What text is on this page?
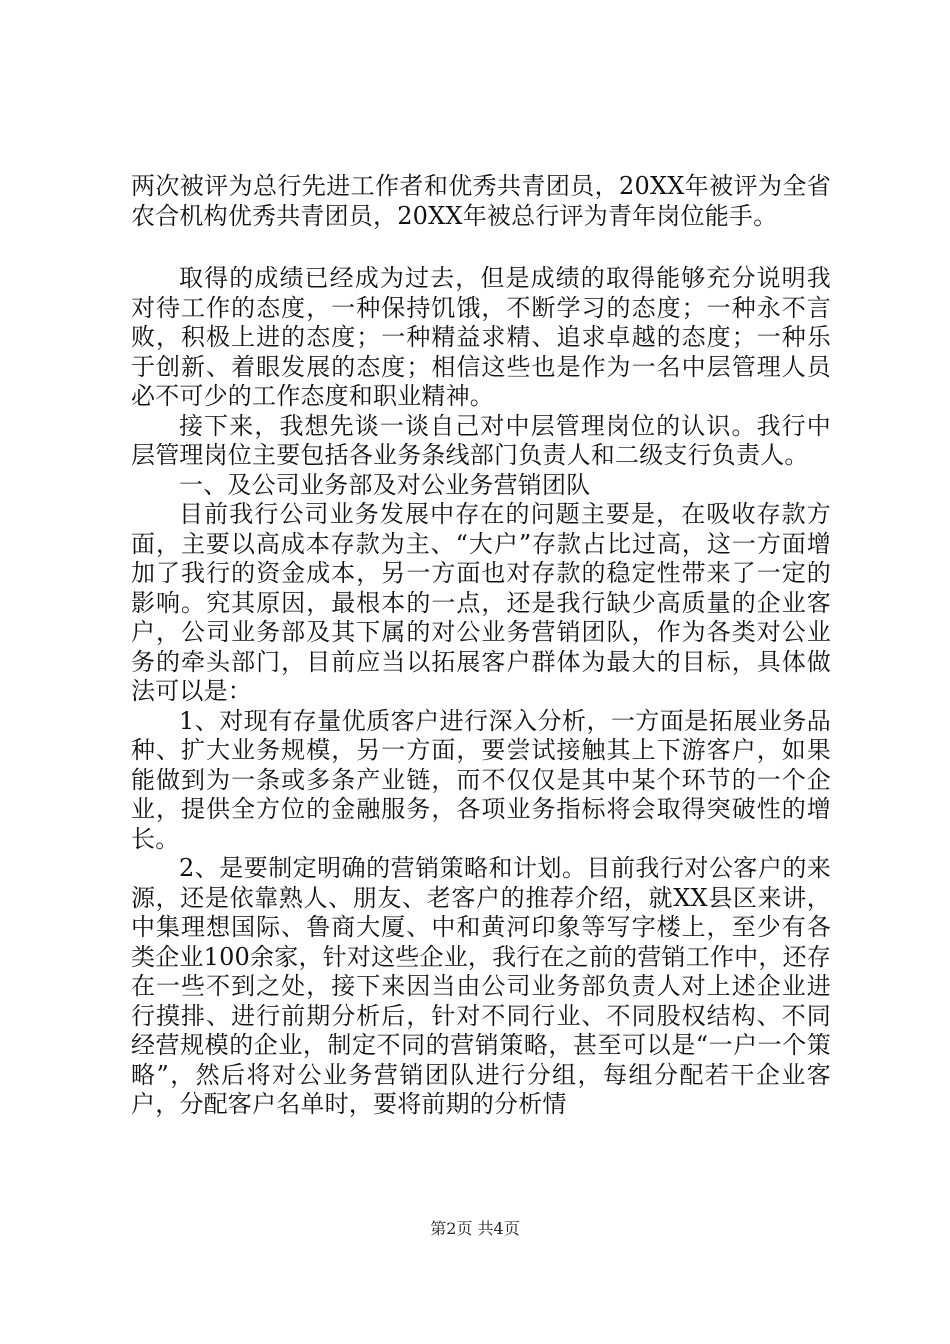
两次被评为总行先进工作者和优秀共青团员，20XX年被评为全省农合机构优秀共青团员，20XX年被总行评为青年岗位能手。

取得的成绩已经成为过去，但是成绩的取得能够充分说明我对待工作的态度，一种保持饥饿，不断学习的态度；一种永不言败，积极上进的态度；一种精益求精、追求卓越的态度；一种乐于创新、着眼发展的态度；相信这些也是作为一名中层管理人员必不可少的工作态度和职业精神。

接下来，我想先谈一谈自己对中层管理岗位的认识。我行中层管理岗位主要包括各业务条线部门负责人和二级支行负责人。

一、及公司业务部及对公业务营销团队

目前我行公司业务发展中存在的问题主要是，在吸收存款方面，主要以高成本存款为主、“大户”存款占比过高，这一方面增加了我行的资金成本，另一方面也对存款的稳定性带来了一定的影响。究其原因，最根本的一点，还是我行缺少高质量的企业客户，公司业务部及其下属的对公业务营销团队，作为各类对公业务的牵头部门，目前应当以拓展客户群体为最大的目标，具体做法可以是：

1、对现有存量优质客户进行深入分析，一方面是拓展业务品种、扩大业务规模，另一方面，要尝试接触其上下游客户，如果能做到为一条或多条产业链，而不仅仅是其中某个环节的一个企业，提供全方位的金融服务，各项业务指标将会取得突破性的增长。

2、是要制定明确的营销策略和计划。目前我行对公客户的来源，还是依靠熟人、朋友、老客户的推荐介绍，就XX县区来讲，中集理想国际、鲁商大厦、中和黄河印象等写字楼上，至少有各类企业100余家，针对这些企业，我行在之前的营销工作中，还存在一些不到之处，接下来因当由公司业务部负责人对上述企业进行摸排、进行前期分析后，针对不同行业、不同股权结构、不同经营规模的企业，制定不同的营销策略，甚至可以是“一户一个策略”，然后将对公业务营销团队进行分组，每组分配若干企业客户，分配客户名单时，要将前期的分析情

第2页 共4页
